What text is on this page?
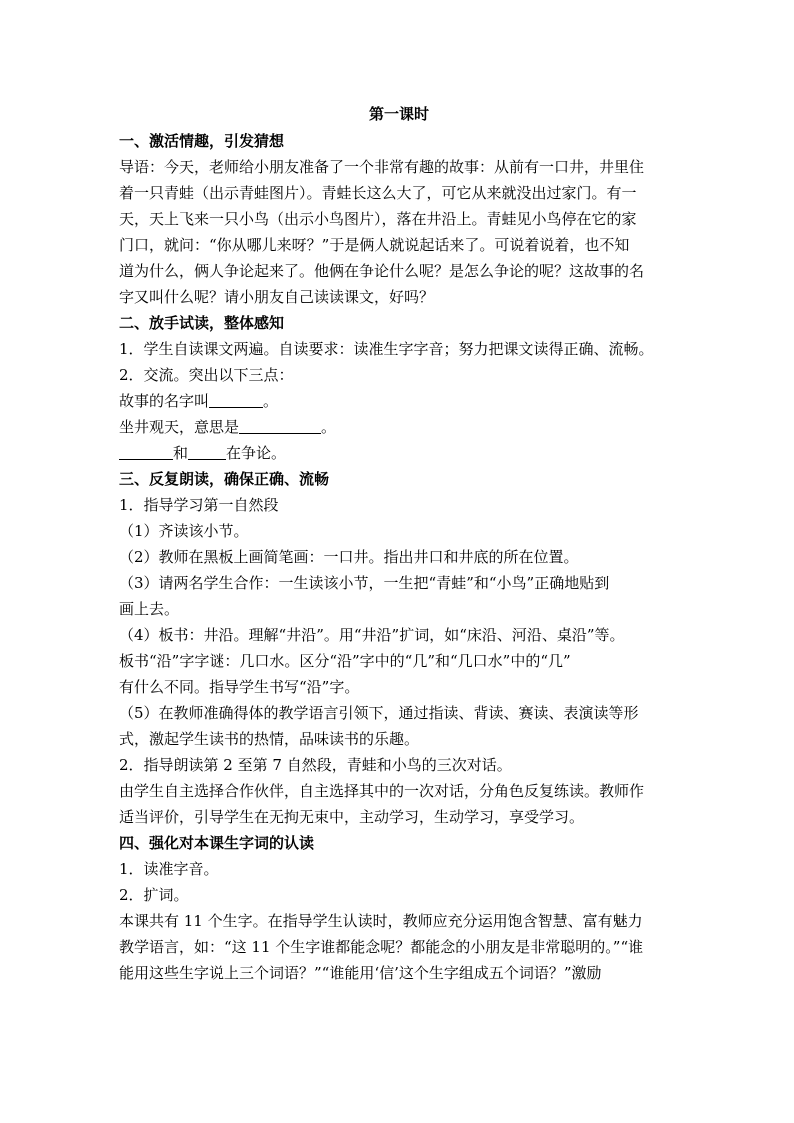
第一课时
一、激活情趣，引发猜想
导语：今天，老师给小朋友准备了一个非常有趣的故事：从前有一口井，井里住
着一只青蛙（出示青蛙图片）。青蛙长这么大了，可它从来就没出过家门。有一
天，天上飞来一只小鸟（出示小鸟图片），落在井沿上。青蛙见小鸟停在它的家
门口，就问：“你从哪儿来呀？”于是俩人就说起话来了。可说着说着，也不知
道为什么，俩人争论起来了。他俩在争论什么呢？是怎么争论的呢？这故事的名
字又叫什么呢？请小朋友自己读读课文，好吗？
二、放手试读，整体感知
1．学生自读课文两遍。自读要求：读准生字字音；努力把课文读得正确、流畅。
2．交流。突出以下三点：
故事的名字叫	。
坐井观天，意思是	。
和	在争论。
三、反复朗读，确保正确、流畅
1．指导学习第一自然段
（1）齐读该小节。
（2）教师在黑板上画简笔画：一口井。指出井口和井底的所在位置。
（3）请两名学生合作：一生读该小节，一生把“青蛙”和“小鸟”正确地贴到
画上去。
（4）板书：井沿。理解“井沿”。用“井沿”扩词，如“床沿、河沿、桌沿”等。
板书“沿”字字谜：几口水。区分“沿”字中的“几”和“几口水”中的“几”
有什么不同。指导学生书写“沿”字。
（5）在教师准确得体的教学语言引领下，通过指读、背读、赛读、表演读等形
式，激起学生读书的热情，品味读书的乐趣。
2．指导朗读第 2 至第 7 自然段，青蛙和小鸟的三次对话。
由学生自主选择合作伙伴，自主选择其中的一次对话，分角色反复练读。教师作
适当评价，引导学生在无拘无束中，主动学习，生动学习，享受学习。
四、强化对本课生字词的认读
1．读准字音。
2．扩词。
本课共有 11 个生字。在指导学生认读时，教师应充分运用饱含智慧、富有魅力
教学语言，如：“这 11 个生字谁都能念呢？都能念的小朋友是非常聪明的。”“谁
能用这些生字说上三个词语？”“谁能用‘信’这个生字组成五个词语？”激励
